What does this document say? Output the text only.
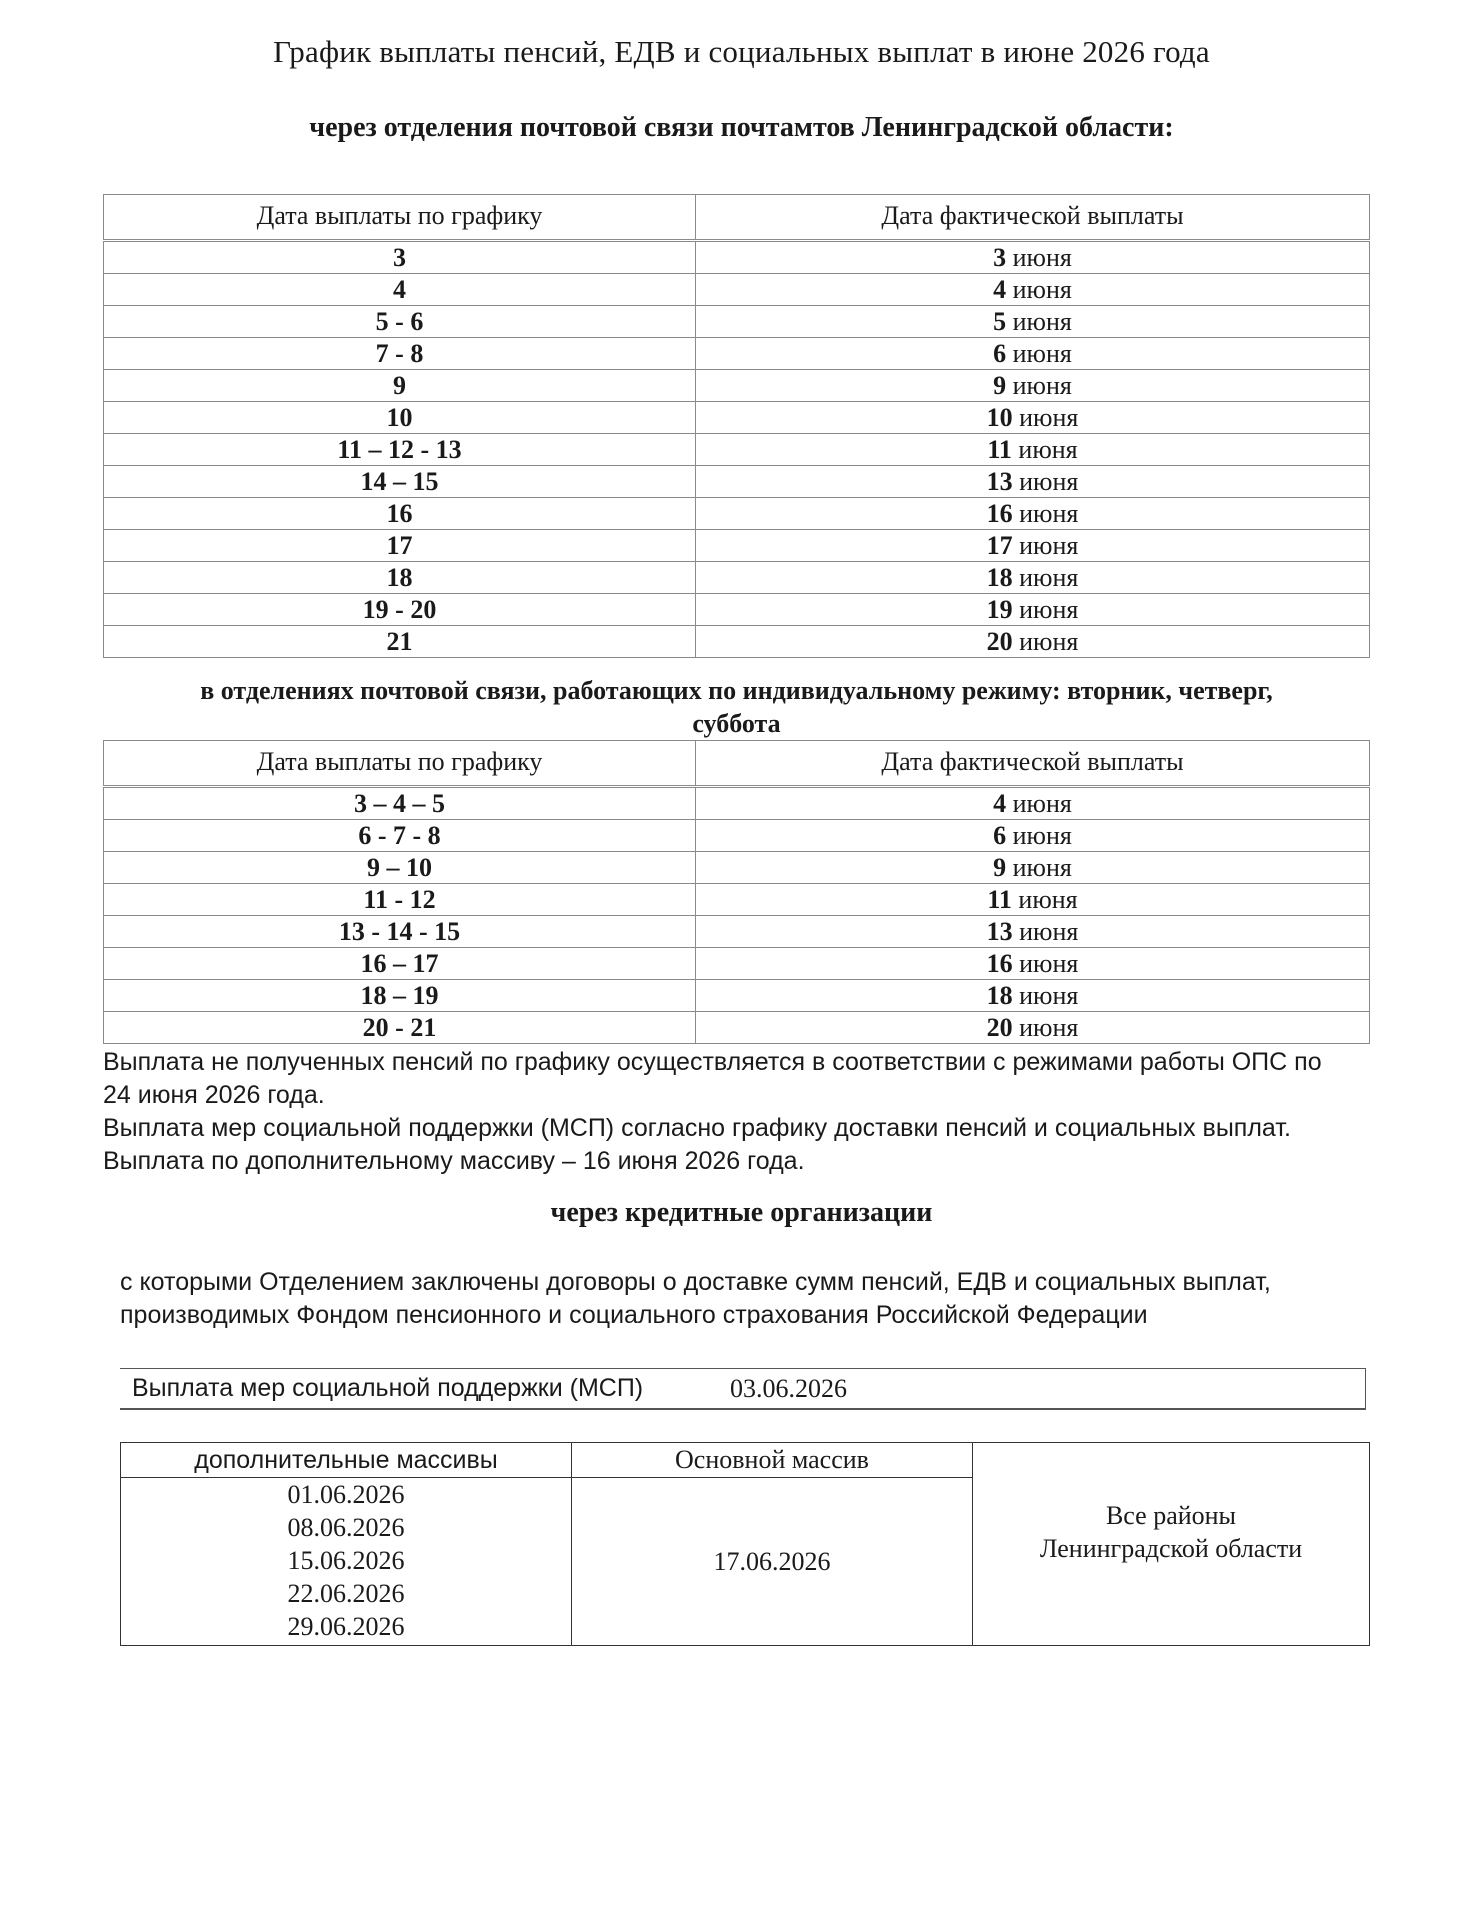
График выплаты пенсий, ЕДВ и социальных выплат в июне 2026 года
через отделения почтовой связи почтамтов Ленинградской области:
Дата выплаты по графику	Дата фактической выплаты
3	3 июня
4	4 июня
5 - 6	5 июня
7 - 8	6 июня
9	9 июня
10	10 июня
11 – 12 - 13	11 июня
14 – 15	13 июня
16	16 июня
17	17 июня
18	18 июня
19 - 20	19 июня
21	20 июня
в отделениях почтовой связи, работающих по индивидуальному режиму: вторник, четверг,
суббота
Дата выплаты по графику	Дата фактической выплаты
3 – 4 – 5	4 июня
6 - 7 - 8	6 июня
9 – 10	9 июня
11 - 12	11 июня
13 - 14 - 15	13 июня
16 – 17	16 июня
18 – 19	18 июня
20 - 21	20 июня

Выплата не полученных пенсий по графику осуществляется в соответствии с режимами работы ОПС по

24 июня 2026 года.

Выплата мер социальной поддержки (МСП) согласно графику доставки пенсий и социальных выплат.

Выплата по дополнительному массиву – 16 июня 2026 года.

через кредитные организации

с которыми Отделением заключены договоры о доставке сумм пенсий, ЕДВ и социальных выплат,

производимых Фондом пенсионного и социального страхования Российской Федерации

Выплата мер социальной поддержки (МСП)	03.06.2026
дополнительные массивы	Основной массив	Все районы
Ленинградской области

01.06.2026
08.06.2026
15.06.2026
22.06.2026
29.06.2026	17.06.2026	
